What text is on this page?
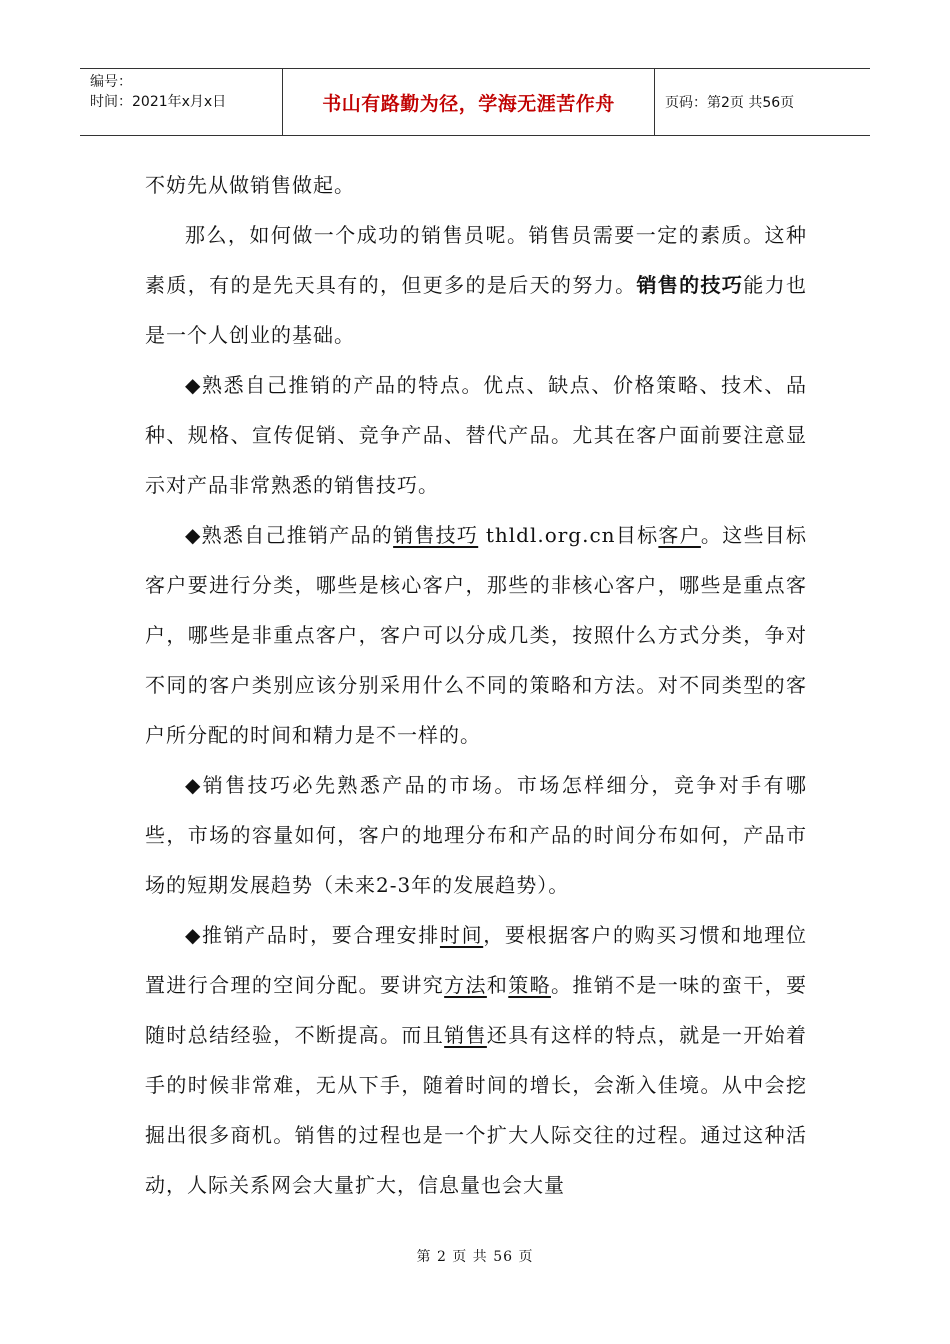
编号：
时间：2021年x月x日	书山有路勤为径，学海无涯苦作舟	页码：第2页 共56页

不妨先从做销售做起。

那么，如何做一个成功的销售员呢。销售员需要一定的素质。这种素质，有的是先天具有的，但更多的是后天的努力。销售的技巧能力也是一个人创业的基础。

◆熟悉自己推销的产品的特点。优点、缺点、价格策略、技术、品种、规格、宣传促销、竞争产品、替代产品。尤其在客户面前要注意显示对产品非常熟悉的销售技巧。

◆熟悉自己推销产品的销售技巧 thldl.org.cn目标客户。这些目标客户要进行分类，哪些是核心客户，那些的非核心客户，哪些是重点客户，哪些是非重点客户，客户可以分成几类，按照什么方式分类，争对不同的客户类别应该分别采用什么不同的策略和方法。对不同类型的客户所分配的时间和精力是不一样的。

◆销售技巧必先熟悉产品的市场。市场怎样细分，竞争对手有哪些，市场的容量如何，客户的地理分布和产品的时间分布如何，产品市场的短期发展趋势（未来2-3年的发展趋势）。

◆推销产品时，要合理安排时间，要根据客户的购买习惯和地理位置进行合理的空间分配。要讲究方法和策略。推销不是一味的蛮干，要随时总结经验，不断提高。而且销售还具有这样的特点，就是一开始着手的时候非常难，无从下手，随着时间的增长，会渐入佳境。从中会挖掘出很多商机。销售的过程也是一个扩大人际交往的过程。通过这种活动，人际关系网会大量扩大，信息量也会大量

第 2 页 共 56 页
